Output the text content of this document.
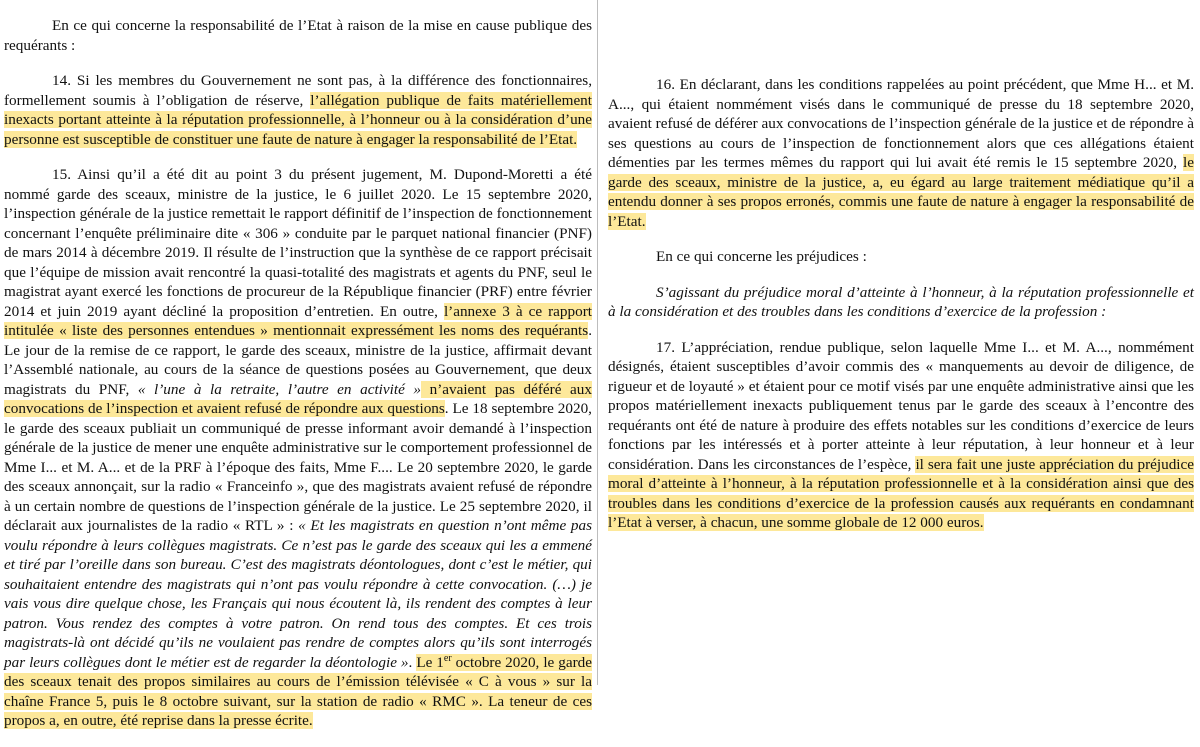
En ce qui concerne la responsabilité de l’Etat à raison de la mise en cause publique des requérants :

14. Si les membres du Gouvernement ne sont pas, à la différence des fonctionnaires, formellement soumis à l’obligation de réserve, l’allégation publique de faits matériellement inexacts portant atteinte à la réputation professionnelle, à l’honneur ou à la considération d’une personne est susceptible de constituer une faute de nature à engager la responsabilité de l’Etat.

15. Ainsi qu’il a été dit au point 3 du présent jugement, M. Dupond-Moretti a été nommé garde des sceaux, ministre de la justice, le 6 juillet 2020. Le 15 septembre 2020, l’inspection générale de la justice remettait le rapport définitif de l’inspection de fonctionnement concernant l’enquête préliminaire dite « 306 » conduite par le parquet national financier (PNF) de mars 2014 à décembre 2019. Il résulte de l’instruction que la synthèse de ce rapport précisait que l’équipe de mission avait rencontré la quasi-totalité des magistrats et agents du PNF, seul le magistrat ayant exercé les fonctions de procureur de la République financier (PRF) entre février 2014 et juin 2019 ayant décliné la proposition d’entretien. En outre, l’annexe 3 à ce rapport intitulée « liste des personnes entendues » mentionnait expressément les noms des requérants. Le jour de la remise de ce rapport, le garde des sceaux, ministre de la justice, affirmait devant l’Assemblé nationale, au cours de la séance de questions posées au Gouvernement, que deux magistrats du PNF, « l’une à la retraite, l’autre en activité » n’avaient pas déféré aux convocations de l’inspection et avaient refusé de répondre aux questions. Le 18 septembre 2020, le garde des sceaux publiait un communiqué de presse informant avoir demandé à l’inspection générale de la justice de mener une enquête administrative sur le comportement professionnel de Mme I... et M. A... et de la PRF à l’époque des faits, Mme F.... Le 20 septembre 2020, le garde des sceaux annonçait, sur la radio « Franceinfo », que des magistrats avaient refusé de répondre à un certain nombre de questions de l’inspection générale de la justice. Le 25 septembre 2020, il déclarait aux journalistes de la radio « RTL » : « Et les magistrats en question n’ont même pas voulu répondre à leurs collègues magistrats. Ce n’est pas le garde des sceaux qui les a emmené et tiré par l’oreille dans son bureau. C’est des magistrats déontologues, dont c’est le métier, qui souhaitaient entendre des magistrats qui n’ont pas voulu répondre à cette convocation. (…) je vais vous dire quelque chose, les Français qui nous écoutent là, ils rendent des comptes à leur patron. Vous rendez des comptes à votre patron. On rend tous des comptes. Et ces trois magistrats-là ont décidé qu’ils ne voulaient pas rendre de comptes alors qu’ils sont interrogés par leurs collègues dont le métier est de regarder la déontologie ». Le 1er octobre 2020, le garde des sceaux tenait des propos similaires au cours de l’émission télévisée « C à vous » sur la chaîne France 5, puis le 8 octobre suivant, sur la station de radio « RMC ». La teneur de ces propos a, en outre, été reprise dans la presse écrite.

16. En déclarant, dans les conditions rappelées au point précédent, que Mme H... et M. A..., qui étaient nommément visés dans le communiqué de presse du 18 septembre 2020, avaient refusé de déférer aux convocations de l’inspection générale de la justice et de répondre à ses questions au cours de l’inspection de fonctionnement alors que ces allégations étaient démenties par les termes mêmes du rapport qui lui avait été remis le 15 septembre 2020, le garde des sceaux, ministre de la justice, a, eu égard au large traitement médiatique qu’il a entendu donner à ses propos erronés, commis une faute de nature à engager la responsabilité de l’Etat.

En ce qui concerne les préjudices :

S’agissant du préjudice moral d’atteinte à l’honneur, à la réputation professionnelle et à la considération et des troubles dans les conditions d’exercice de la profession :

17. L’appréciation, rendue publique, selon laquelle Mme I... et M. A..., nommément désignés, étaient susceptibles d’avoir commis des « manquements au devoir de diligence, de rigueur et de loyauté » et étaient pour ce motif visés par une enquête administrative ainsi que les propos matériellement inexacts publiquement tenus par le garde des sceaux à l’encontre des requérants ont été de nature à produire des effets notables sur les conditions d’exercice de leurs fonctions par les intéressés et à porter atteinte à leur réputation, à leur honneur et à leur considération. Dans les circonstances de l’espèce, il sera fait une juste appréciation du préjudice moral d’atteinte à l’honneur, à la réputation professionnelle et à la considération ainsi que des troubles dans les conditions d’exercice de la profession causés aux requérants en condamnant l’Etat à verser, à chacun, une somme globale de 12 000 euros.
